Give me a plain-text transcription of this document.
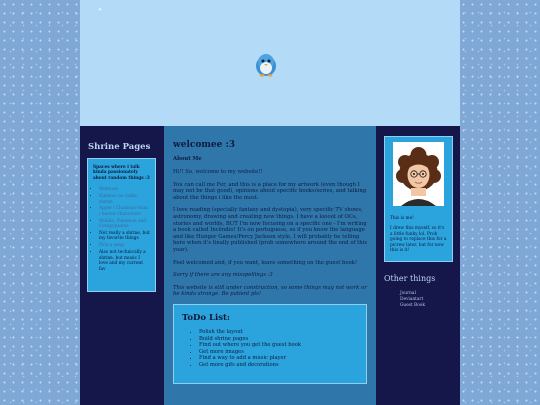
✦
Shrine Pages
Spaces where i talk kinda passionately about random things :3
• Webtoon
• Kimetsu no yaiba shrine
• Apple / Chainsaw man / horror characters
• Mobile, Pokemon and Creepypastas
• Not really a shrine, but my favorite things
• Pick a song
• Also not technically a shrine, but music I love and my current fav
welcomee :3
About Me

Hi!! So, welcome to my website!!

You can call me Fer, and this is a place for my artwork (even though I may not be that good), opinions about specific books/series, and talking about the things i like the most.

I love reading (specially fantasy and dystopia), very specific TV shows, astronomy, drawing and creating new things. I have a loooot of OCs, stories and worlds, BUT I'm now focusing on a specific one - I'm writing a book called Incêndio! It's on portuguese, so if you know the language and like Hunger Games/Percy Jackson style, I will probably be telling here when it's finally published (prob somewhere around the end of this year).

Feel welcomed and, if you want, leave something on the guest book!

Sorry if there are any misspellings :3

This website is still under construction, so some things may not work or be kinda strange. Be patient pls!

ToDo List:
• Polish the layout
• Build shrine pages
• Find out where you get the guest book
• Get more images
• Find a way to add a music player
• Get more gifs and decorations

This is me!

I drew this myself, so it's a little funky lol. Prob going to replace this for a picrew later, but for now this is it!

Other things
Journal
Deviantart
Guest Book
